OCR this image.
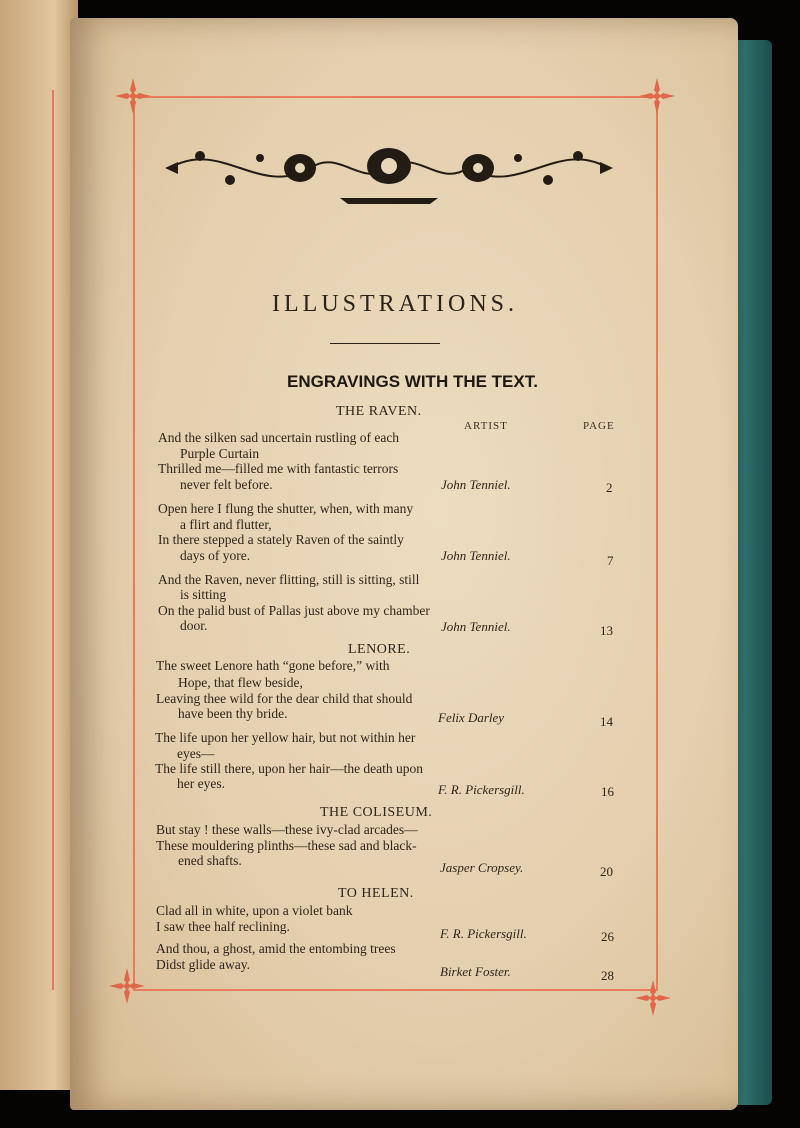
ILLUSTRATIONS.
ENGRAVINGS WITH THE TEXT.
ARTIST	PAGE
THE RAVEN.
And the silken sad uncertain rustling of each
Purple Curtain
Thrilled me—filled me with fantastic terrors
never felt before.	John Tenniel.	2
Open here I flung the shutter, when, with many
a flirt and flutter,
In there stepped a stately Raven of the saintly
days of yore.	John Tenniel.	7
And the Raven, never flitting, still is sitting, still
is sitting
On the palid bust of Pallas just above my chamber
door.	John Tenniel.	13
LENORE.
The sweet Lenore hath “gone before,” with
Hope, that flew beside,
Leaving thee wild for the dear child that should
have been thy bride.	Felix Darley	14
The life upon her yellow hair, but not within her
eyes—
The life still there, upon her hair—the death upon
her eyes.	F. R. Pickersgill.	16
THE COLISEUM.
But stay ! these walls—these ivy-clad arcades—
These mouldering plinths—these sad and black-
ened shafts.	Jasper Cropsey.	20
TO HELEN.
Clad all in white, upon a violet bank
I saw thee half reclining.	F. R. Pickersgill.	26
And thou, a ghost, amid the entombing trees
Didst glide away.	Birket Foster.	28
